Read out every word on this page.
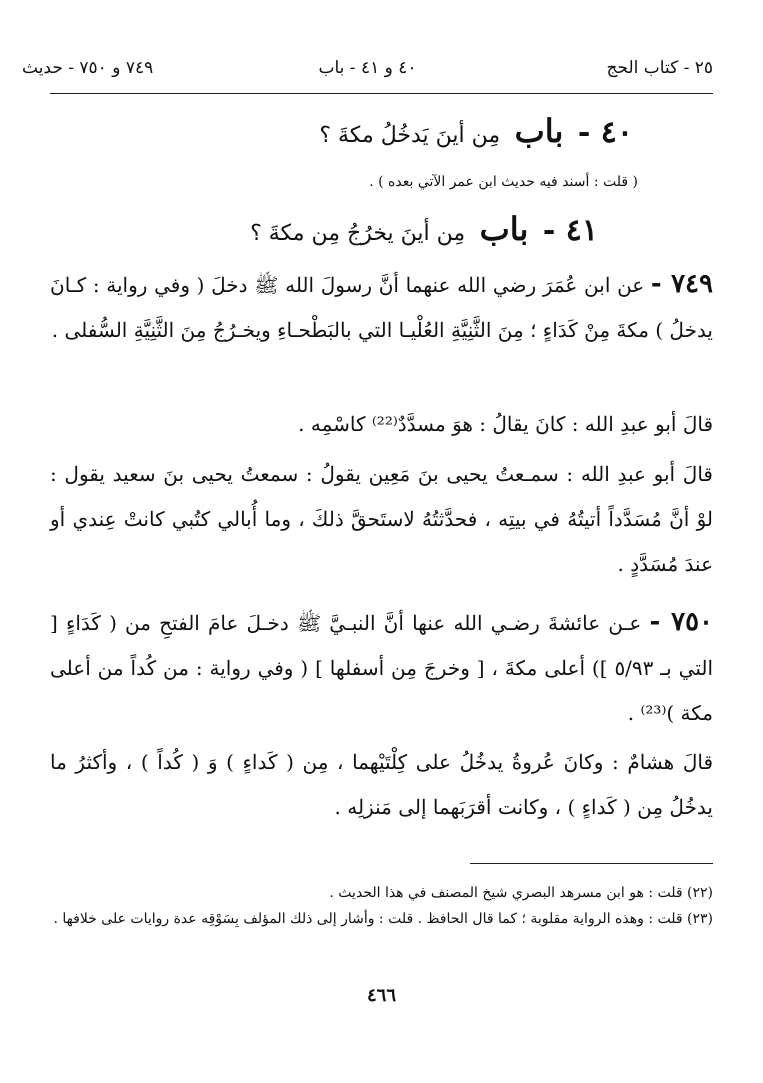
٢٥ - كتاب الحج
٤٠ و ٤١ - باب
٧٤٩ و ٧٥٠ - حديث
٤٠ - باب مِن أينَ يَدخُلُ مكةَ ؟
( قلت : أسند فيه حديث ابن عمر الآتي بعده ) .
٤١ - باب مِن أينَ يخرُجُ مِن مكةَ ؟
٧٤٩ - عن ابن عُمَرَ رضي الله عنهما أنَّ رسولَ الله ﷺ دخلَ ( وفي رواية : كـانَ يدخلُ ) مكةَ مِنْ كَدَاءٍ ؛ مِنَ الثَّنِيَّةِ العُلْيـا التي بالبَطْحـاءِ ويخـرُجُ مِنَ الثَّنِيَّةِ السُّفلى .
قالَ أبو عبدِ الله : كانَ يقالُ : هوَ مسدَّدٌ⁽²²⁾ كاسْمِه .
قالَ أبو عبدِ الله : سمـعتُ يحيى بنَ مَعِين يقولُ : سمعتُ يحيى بنَ سعيد يقول : لوْ أنَّ مُسَدَّداً أتيتُهُ في بيتِه ، فحدَّثتُهُ لاستَحقَّ ذلكَ ، وما أُبالي كتُبي كانتْ عِندي أو عندَ مُسَدَّدٍ .
٧٥٠ - عـن عائشةَ رضـي الله عنها أنَّ النبـيَّ ﷺ دخـلَ عامَ الفتحِ من ( كَدَاءٍ [ التي بـ ٥/٩٣ ]) أعلى مكةَ ، [ وخرجَ مِن أسفلها ] ( وفي رواية : من كُداً من أعلى مكة )⁽²³⁾ .
قالَ هشامٌ : وكانَ عُروةُ يدخُلُ على كِلْتَيْهما ، مِن ( كَداءٍ ) وَ ( كُداً ) ، وأكثرُ ما يدخُلُ مِن ( كَداءٍ ) ، وكانت أقرَبَهما إلى مَنزلِه .
(٢٢) قلت : هو ابن مسرهد البصري شيخ المصنف في هذا الحديث .
(٢٣) قلت : وهذه الرواية مقلوبة ؛ كما قال الحافظ . قلت : وأشار إلى ذلك المؤلف بِسَوْقِه عدة روايات على خلافها .
٤٦٦
